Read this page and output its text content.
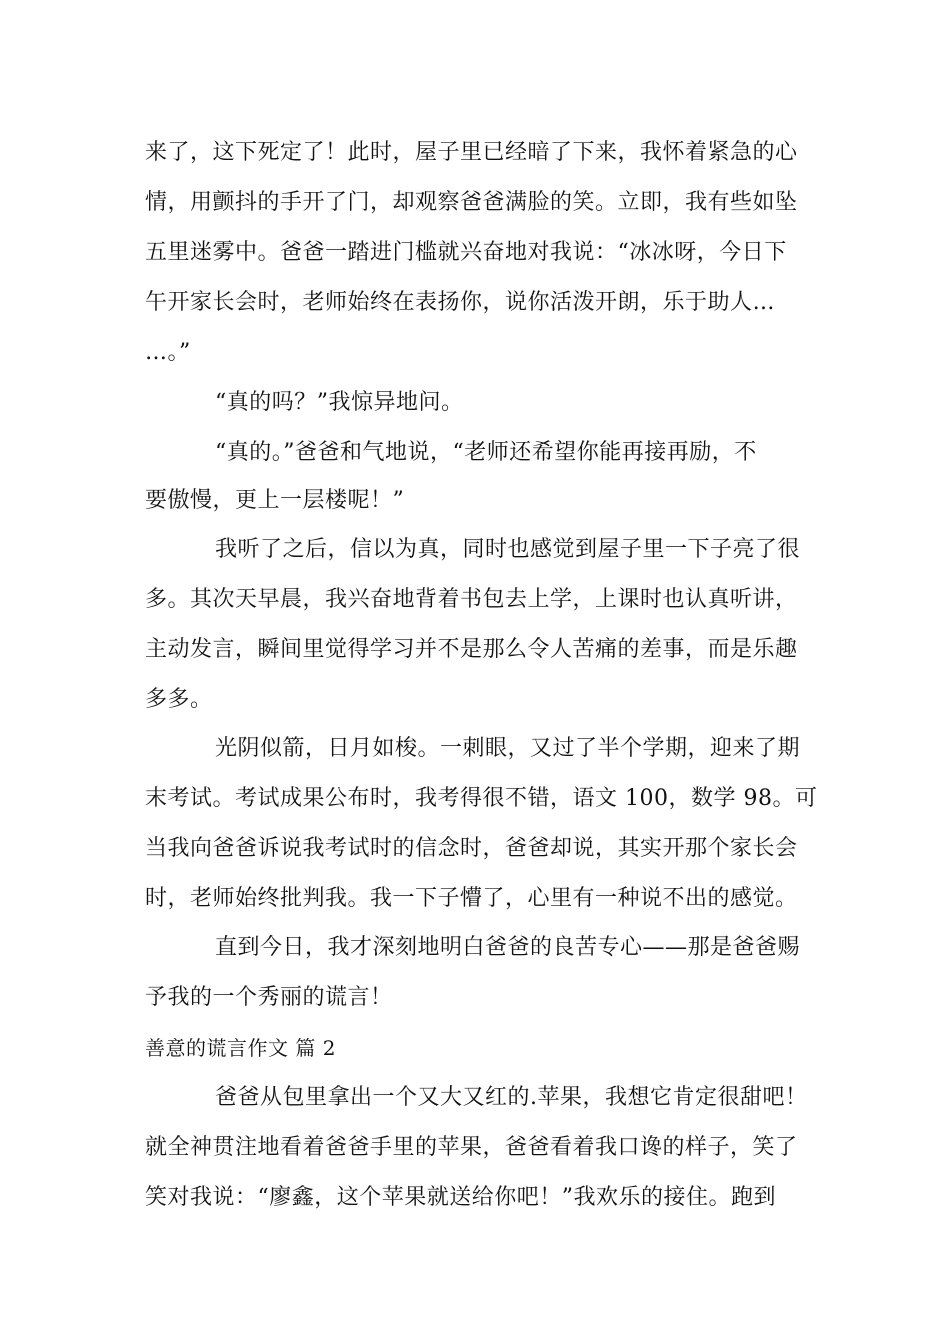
来了，这下死定了！此时，屋子里已经暗了下来，我怀着紧急的心
情，用颤抖的手开了门，却观察爸爸满脸的笑。立即，我有些如坠
五里迷雾中。爸爸一踏进门槛就兴奋地对我说：“冰冰呀，今日下
午开家长会时，老师始终在表扬你，说你活泼开朗，乐于助人…
…。”
“真的吗？”我惊异地问。
“真的。”爸爸和气地说，“老师还希望你能再接再励，不
要傲慢，更上一层楼呢！”
我听了之后，信以为真，同时也感觉到屋子里一下子亮了很
多。其次天早晨，我兴奋地背着书包去上学，上课时也认真听讲，
主动发言，瞬间里觉得学习并不是那么令人苦痛的差事，而是乐趣
多多。
光阴似箭，日月如梭。一刺眼，又过了半个学期，迎来了期
末考试。考试成果公布时，我考得很不错，语文 100，数学 98。可
当我向爸爸诉说我考试时的信念时，爸爸却说，其实开那个家长会
时，老师始终批判我。我一下子懵了，心里有一种说不出的感觉。
直到今日，我才深刻地明白爸爸的良苦专心——那是爸爸赐
予我的一个秀丽的谎言！
善意的谎言作文 篇 2
爸爸从包里拿出一个又大又红的.苹果，我想它肯定很甜吧！
就全神贯注地看着爸爸手里的苹果，爸爸看着我口谗的样子，笑了
笑对我说：“廖鑫，这个苹果就送给你吧！”我欢乐的接住。跑到
